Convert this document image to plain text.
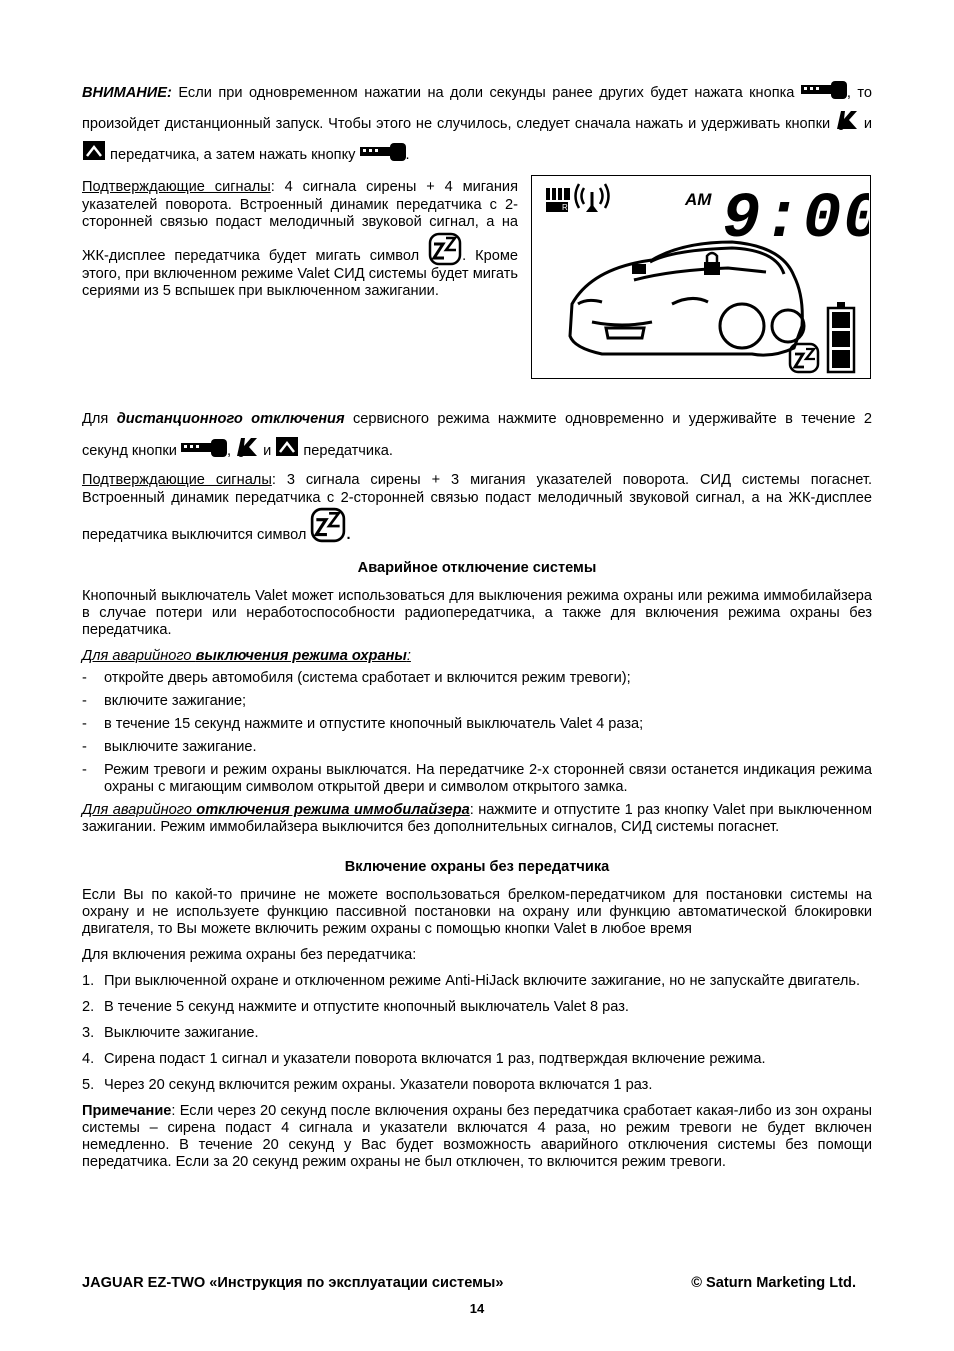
ВНИМАНИЕ: Если при одновременном нажатии на доли секунды ранее других будет нажата кнопка	, то произойдет дистанционный запуск. Чтобы этого не случилось, следует сначала нажать и удерживать кнопки  и  передатчика, а затем нажать кнопку	.

Подтверждающие сигналы: 4 сигнала сирены + 4 мигания указателей поворота. Встроенный динамик передатчика с 2-сторонней связью подаст мелодичный звуковой сигнал, а на ЖК-дисплее передатчика будет мигать символ . Кроме этого, при включенном режиме Valet СИД системы будет мигать сериями из 5 вспышек при выключенном зажигании.

R	AM 9:00

Для дистанционного отключения сервисного режима нажмите одновременно и удерживайте в течение 2 секунд кнопки	,  и  передатчика.

Подтверждающие сигналы: 3 сигнала сирены + 3 мигания указателей поворота. СИД системы погаснет. Встроенный динамик передатчика с 2-сторонней связью подаст мелодичный звуковой сигнал, а на ЖК-дисплее передатчика выключится символ .

Аварийное отключение системы

Кнопочный выключатель Valet может использоваться для выключения режима охраны или режима иммобилайзера в случае потери или неработоспособности радиопередатчика, а также для включения режима охраны без передатчика.

Для аварийного выключения режима охраны:

- откройте дверь автомобиля (система сработает и включится режим тревоги);
- включите зажигание;
- в течение 15 секунд нажмите и отпустите кнопочный выключатель Valet 4 раза;
- выключите зажигание.
- Режим тревоги и режим охраны выключатся. На передатчике 2-х сторонней связи останется индикация режима охраны с мигающим символом открытой двери и символом открытого замка.

Для аварийного отключения режима иммобилайзера: нажмите и отпустите 1 раз кнопку Valet при выключенном зажигании. Режим иммобилайзера выключится без дополнительных сигналов, СИД системы погаснет.

Включение охраны без передатчика

Если Вы по какой-то причине не можете воспользоваться брелком-передатчиком для постановки системы на охрану и не используете функцию пассивной постановки на охрану или функцию автоматической блокировки двигателя, то Вы можете включить режим охраны с помощью кнопки Valet в любое время

Для включения режима охраны без передатчика:

1. При выключенной охране и отключенном режиме Anti-HiJack включите зажигание, но не запускайте двигатель.
2. В течение 5 секунд нажмите и отпустите кнопочный выключатель Valet 8 раз.
3. Выключите зажигание.
4. Сирена подаст 1 сигнал и указатели поворота включатся 1 раз, подтверждая включение режима.
5. Через 20 секунд включится режим охраны. Указатели поворота включатся 1 раз.

Примечание: Если через 20 секунд после включения охраны без передатчика сработает какая-либо из зон охраны системы – сирена подаст 4 сигнала и указатели включатся 4 раза, но режим тревоги не будет включен немедленно. В течение 20 секунд у Вас будет возможность аварийного отключения системы без помощи передатчика. Если за 20 секунд режим охраны не был отключен, то включится режим тревоги.

JAGUAR EZ-TWO «Инструкция по эксплуатации системы»	© Saturn Marketing Ltd.
14
